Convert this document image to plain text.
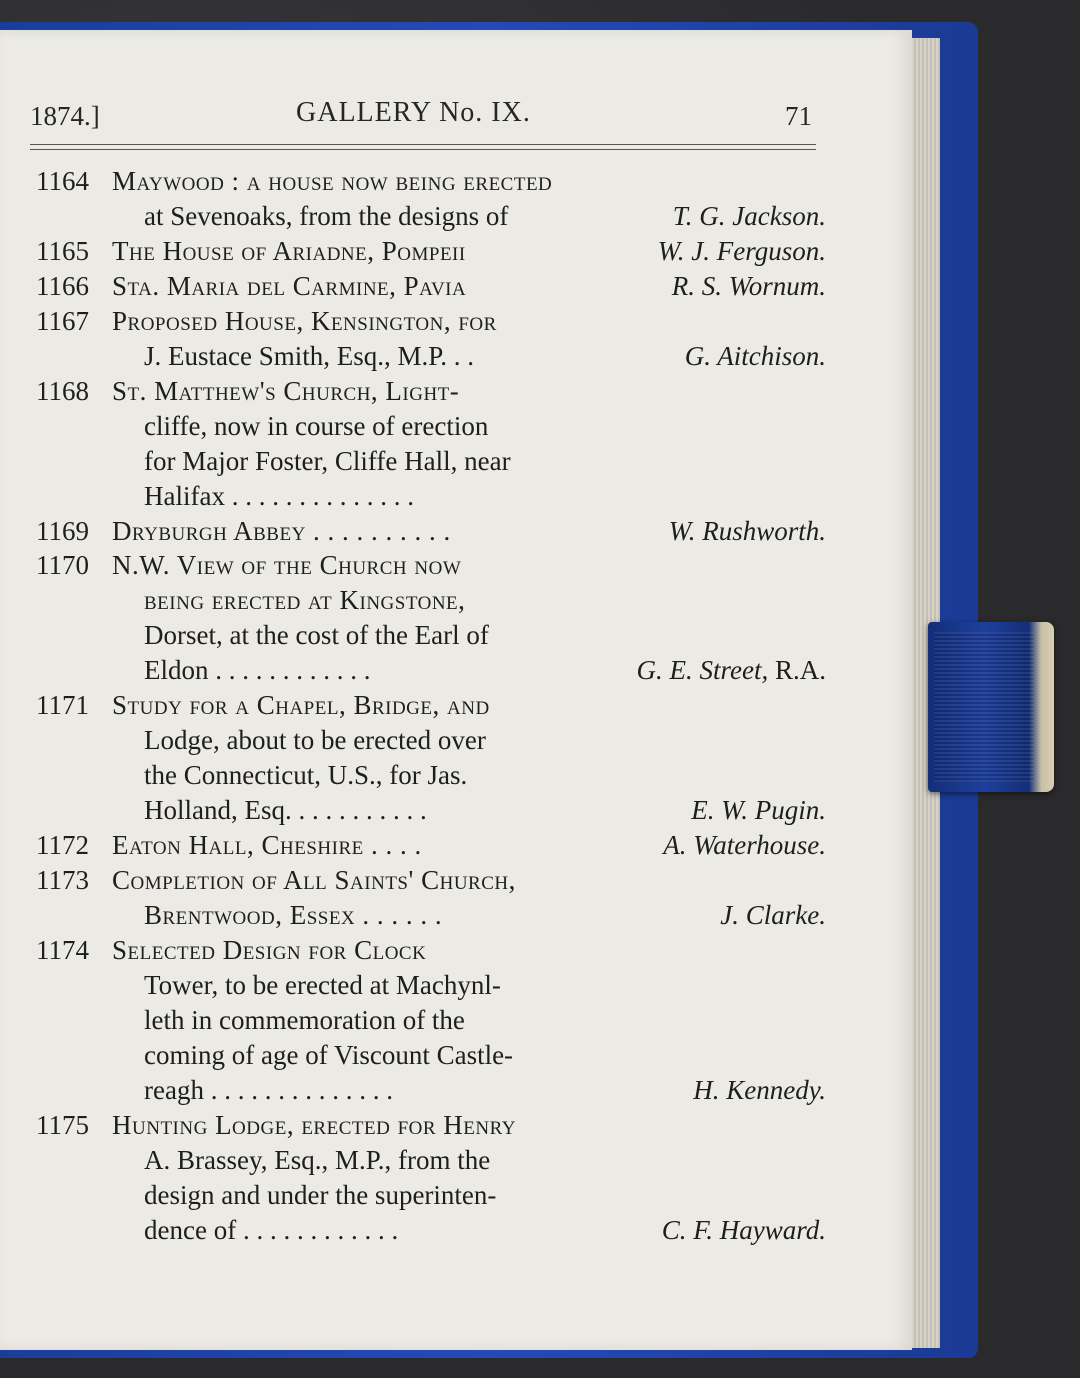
1874.]	GALLERY No. IX.	71
1164 Maywood : a house now being erected
at Sevenoaks, from the designs of	T. G. Jackson.
1165 The House of Ariadne, Pompeii	W. J. Ferguson.
1166 Sta. Maria del Carmine, Pavia	R. S. Wornum.
1167 Proposed House, Kensington, for
J. Eustace Smith, Esq., M.P. . .	G. Aitchison.
1168 St. Matthew's Church, Light-
cliffe, now in course of erection
for Major Foster, Cliffe Hall, near
Halifax . . . . . . . . . . . . . .
1169 Dryburgh Abbey . . . . . . . . . .	W. Rushworth.
1170 N.W. View of the Church now
being erected at Kingstone,
Dorset, at the cost of the Earl of
Eldon . . . . . . . . . . . .	G. E. Street, R.A.
1171 Study for a Chapel, Bridge, and
Lodge, about to be erected over
the Connecticut, U.S., for Jas.
Holland, Esq. . . . . . . . . . .	E. W. Pugin.
1172 Eaton Hall, Cheshire . . . .	A. Waterhouse.
1173 Completion of All Saints' Church,
Brentwood, Essex . . . . . .	J. Clarke.
1174 Selected Design for Clock
Tower, to be erected at Machynl-
leth in commemoration of the
coming of age of Viscount Castle-
reagh . . . . . . . . . . . . . .	H. Kennedy.
1175 Hunting Lodge, erected for Henry
A. Brassey, Esq., M.P., from the
design and under the superinten-
dence of . . . . . . . . . . . .	C. F. Hayward.
